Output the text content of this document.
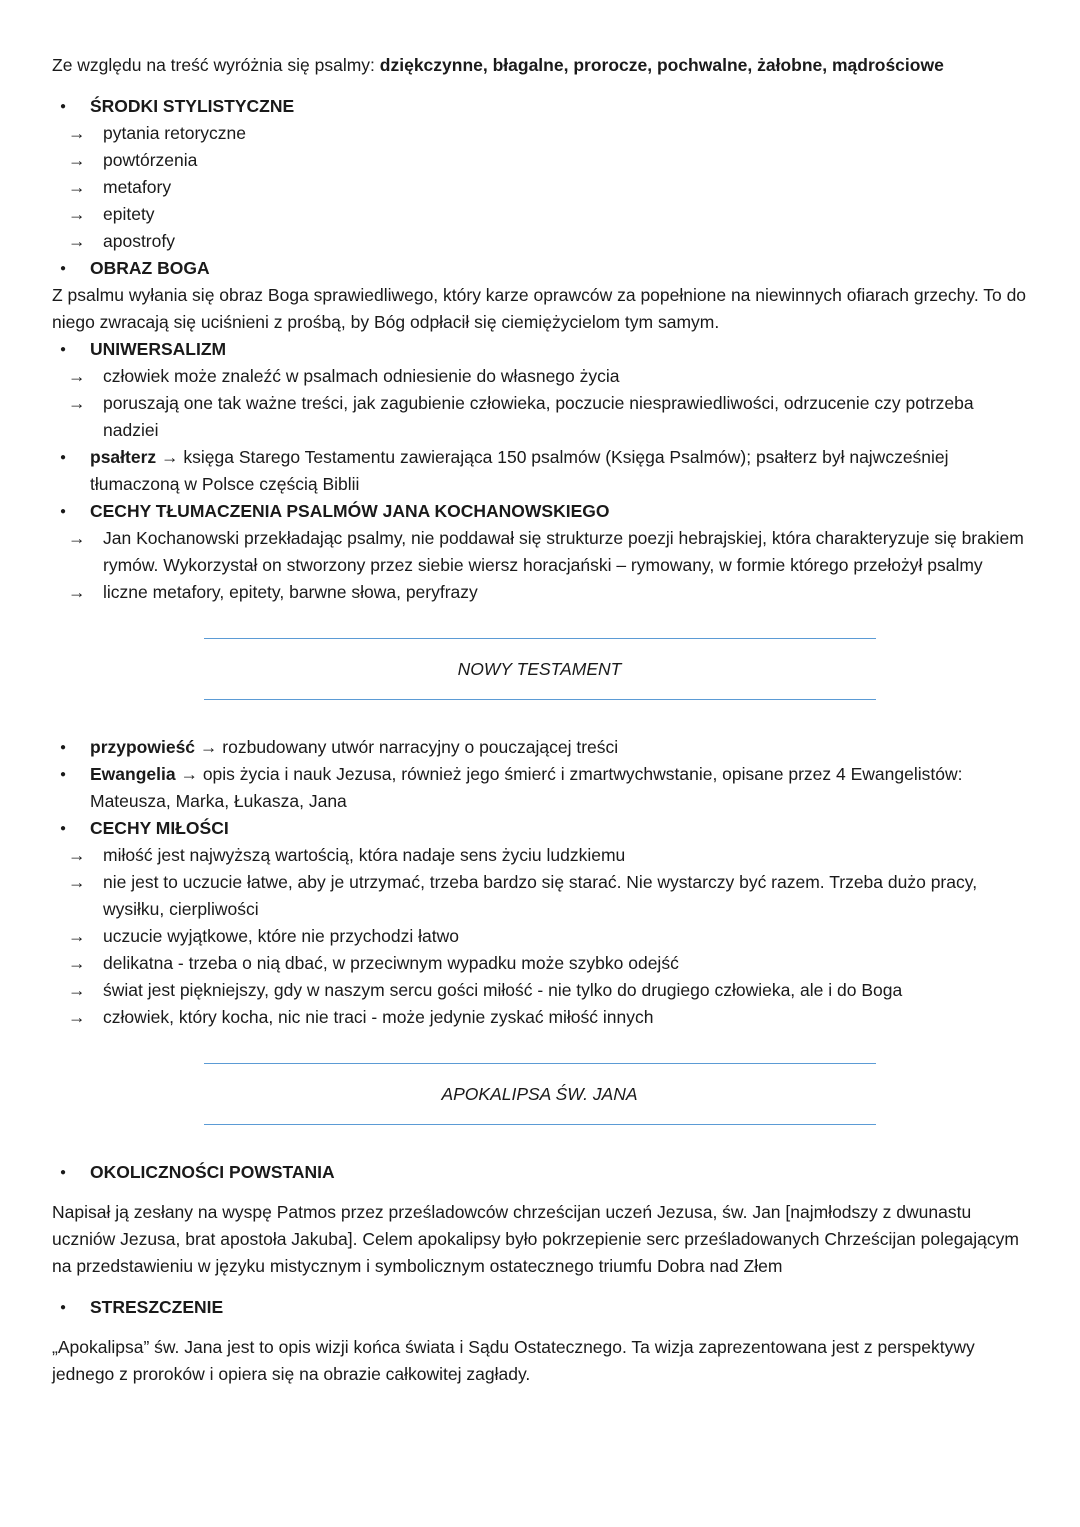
Ze względu na treść wyróżnia się psalmy: dziękczynne, błagalne, prorocze, pochwalne, żałobne, mądrościowe

● ŚRODKI STYLISTYCZNE

→ pytania retoryczne

→ powtórzenia

→ metafory

→ epitety

→ apostrofy

● OBRAZ BOGA

Z psalmu wyłania się obraz Boga sprawiedliwego, który karze oprawców za popełnione na niewinnych ofiarach grzechy. To do niego zwracają się uciśnieni z prośbą, by Bóg odpłacił się ciemiężycielom tym samym.

● UNIWERSALIZM

→ człowiek może znaleźć w psalmach odniesienie do własnego życia

→ poruszają one tak ważne treści, jak zagubienie człowieka, poczucie niesprawiedliwości, odrzucenie czy potrzeba nadziei

● psałterz → księga Starego Testamentu zawierająca 150 psalmów (Księga Psalmów); psałterz był najwcześniej tłumaczoną w Polsce częścią Biblii

● CECHY TŁUMACZENIA PSALMÓW JANA KOCHANOWSKIEGO

→ Jan Kochanowski przekładając psalmy, nie poddawał się strukturze poezji hebrajskiej, która charakteryzuje się brakiem rymów. Wykorzystał on stworzony przez siebie wiersz horacjański – rymowany, w formie którego przełożył psalmy

→ liczne metafory, epitety, barwne słowa, peryfrazy

NOWY TESTAMENT

● przypowieść → rozbudowany utwór narracyjny o pouczającej treści

● Ewangelia → opis życia i nauk Jezusa, również jego śmierć i zmartwychwstanie, opisane przez 4 Ewangelistów: Mateusza, Marka, Łukasza, Jana

● CECHY MIŁOŚCI

→ miłość jest najwyższą wartością, która nadaje sens życiu ludzkiemu

→ nie jest to uczucie łatwe, aby je utrzymać, trzeba bardzo się starać. Nie wystarczy być razem. Trzeba dużo pracy, wysiłku, cierpliwości

→ uczucie wyjątkowe, które nie przychodzi łatwo

→ delikatna - trzeba o nią dbać, w przeciwnym wypadku może szybko odejść

→ świat jest piękniejszy, gdy w naszym sercu gości miłość - nie tylko do drugiego człowieka, ale i do Boga

→ człowiek, który kocha, nic nie traci - może jedynie zyskać miłość innych

APOKALIPSA ŚW. JANA

● OKOLICZNOŚCI POWSTANIA

Napisał ją zesłany na wyspę Patmos przez prześladowców chrześcijan uczeń Jezusa, św. Jan [najmłodszy z dwunastu uczniów Jezusa, brat apostoła Jakuba]. Celem apokalipsy było pokrzepienie serc prześladowanych Chrześcijan polegającym na przedstawieniu w języku mistycznym i symbolicznym ostatecznego triumfu Dobra nad Złem

● STRESZCZENIE

„Apokalipsa” św. Jana jest to opis wizji końca świata i Sądu Ostatecznego. Ta wizja zaprezentowana jest z perspektywy jednego z proroków i opiera się na obrazie całkowitej zagłady.
